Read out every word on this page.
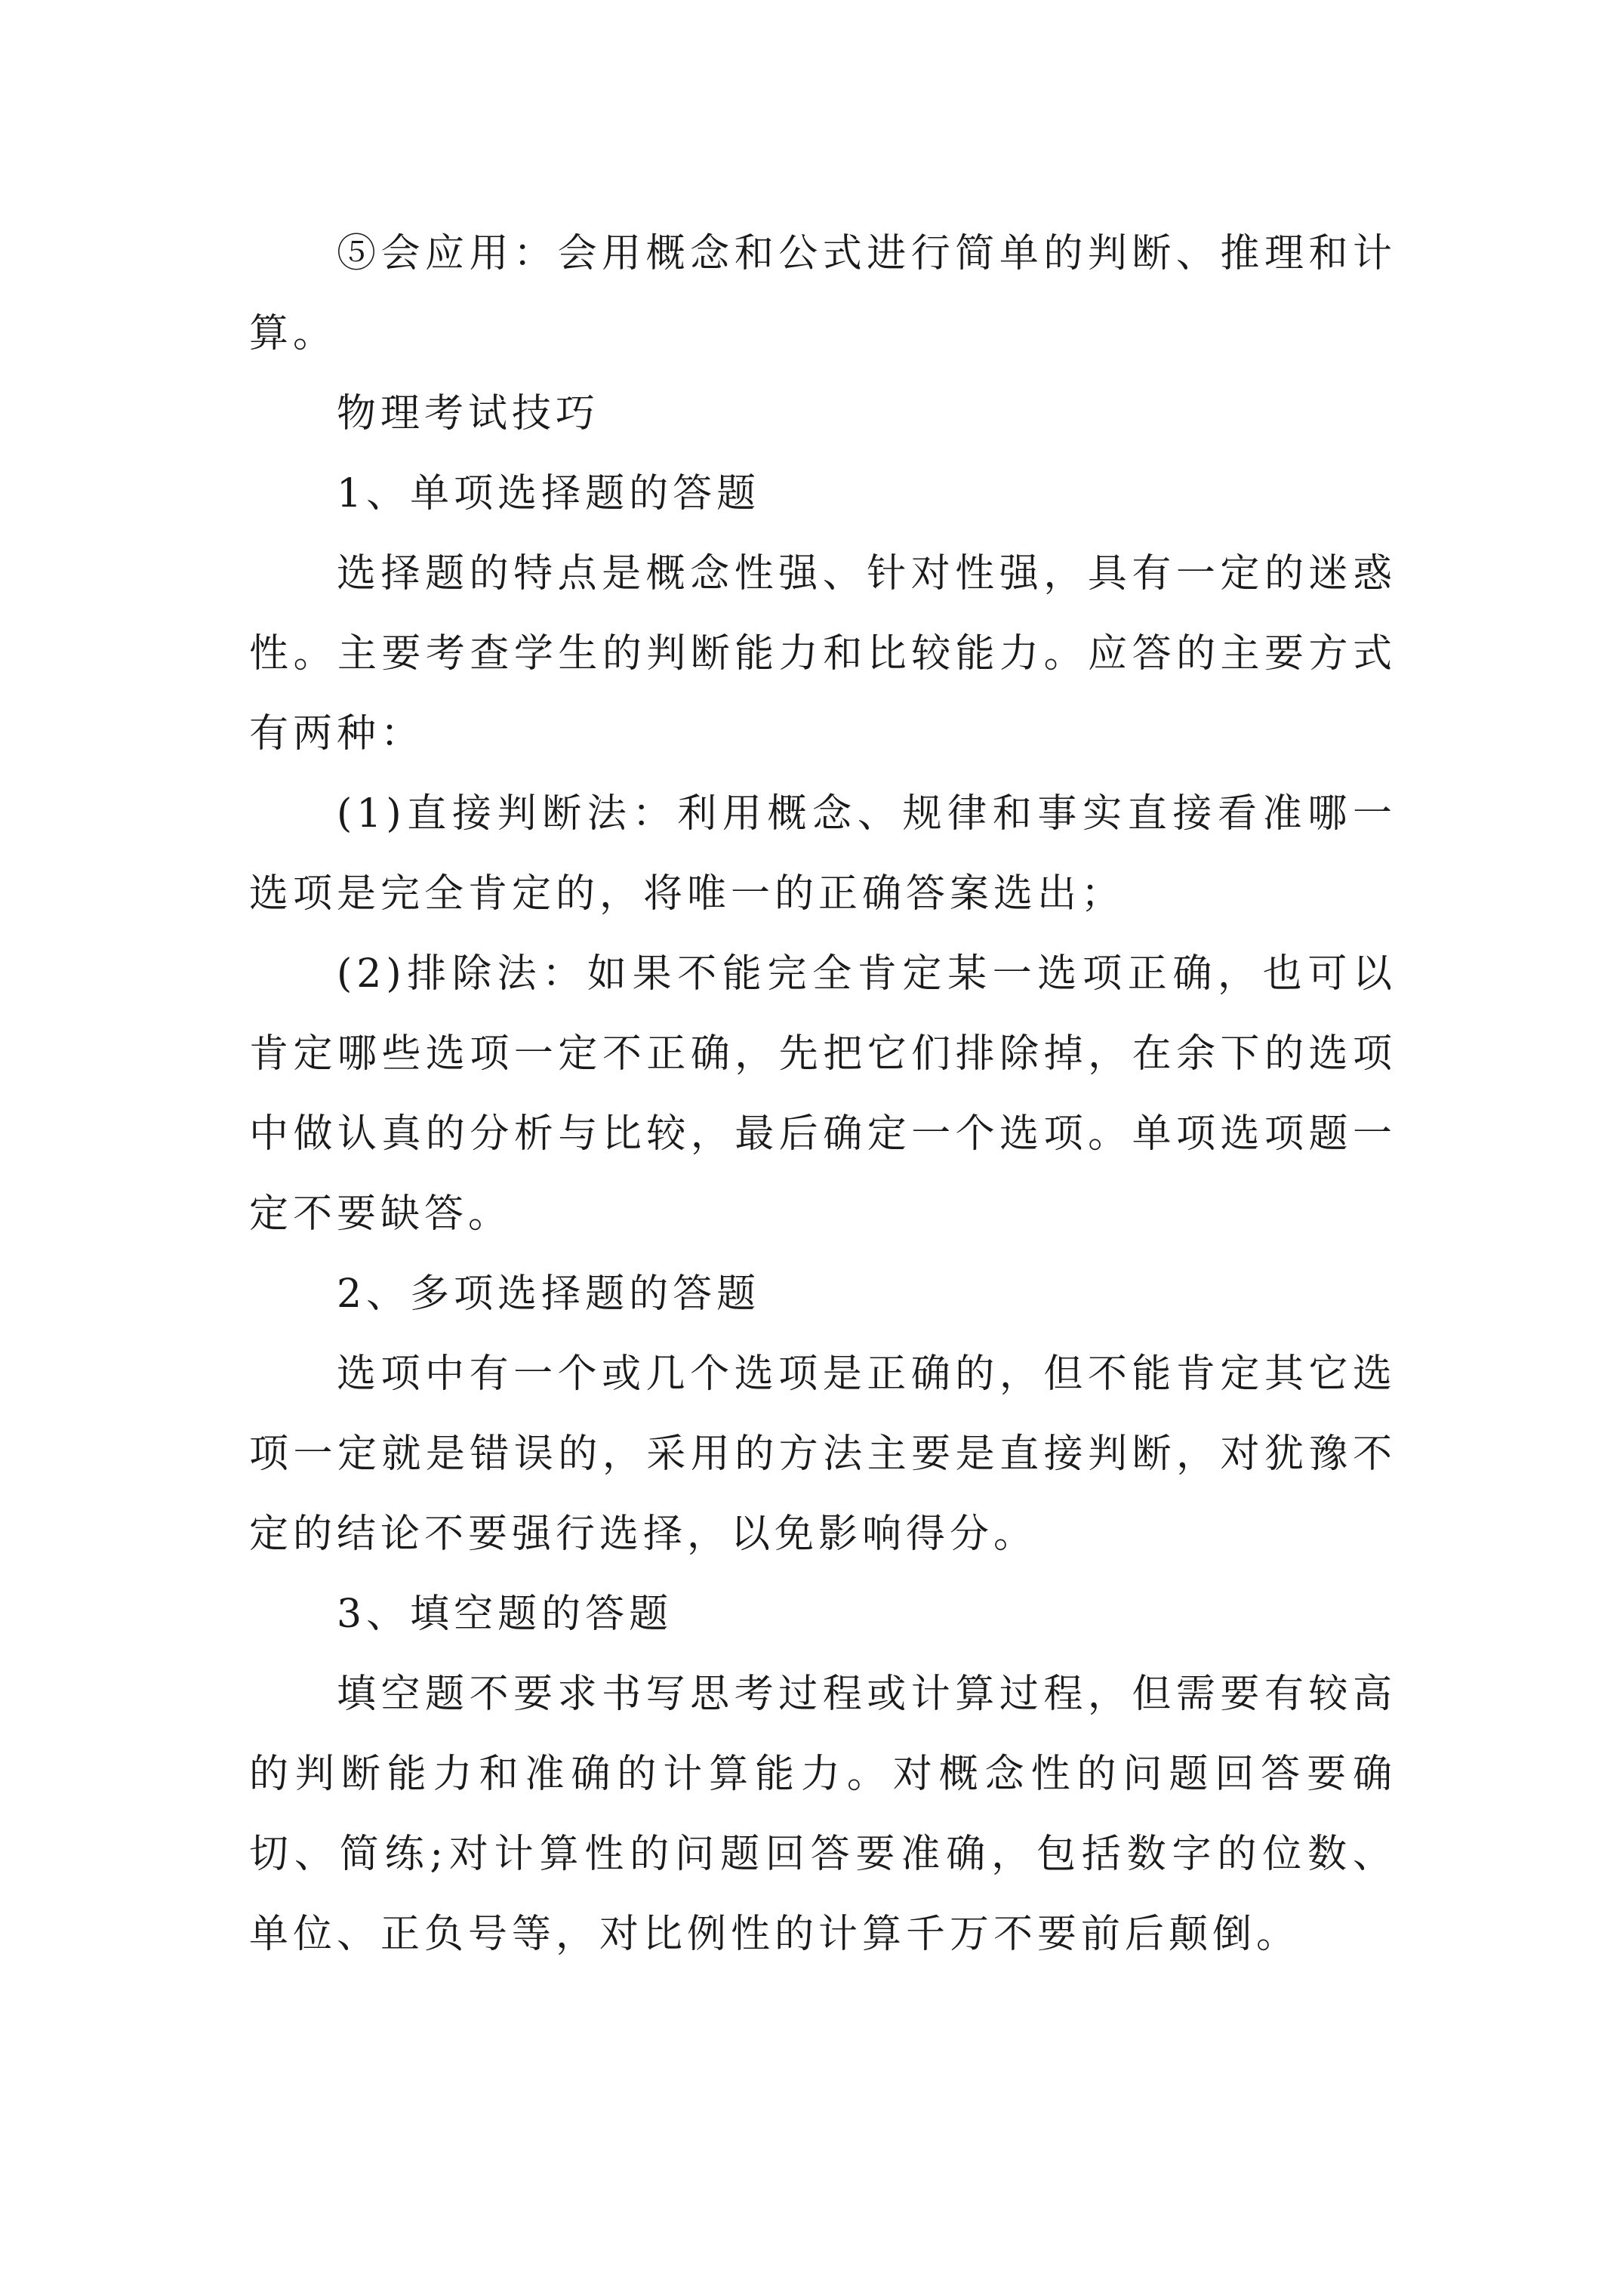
⑤会应用：会用概念和公式进行简单的判断、推理和计算。

物理考试技巧

1、单项选择题的答题

选择题的特点是概念性强、针对性强，具有一定的迷惑性。主要考查学生的判断能力和比较能力。应答的主要方式有两种：

(1)直接判断法：利用概念、规律和事实直接看准哪一选项是完全肯定的，将唯一的正确答案选出；

(2)排除法：如果不能完全肯定某一选项正确，也可以肯定哪些选项一定不正确，先把它们排除掉，在余下的选项中做认真的分析与比较，最后确定一个选项。单项选项题一定不要缺答。

2、多项选择题的答题

选项中有一个或几个选项是正确的，但不能肯定其它选项一定就是错误的，采用的方法主要是直接判断，对犹豫不定的结论不要强行选择，以免影响得分。

3、填空题的答题

填空题不要求书写思考过程或计算过程，但需要有较高的判断能力和准确的计算能力。对概念性的问题回答要确切、简练;对计算性的问题回答要准确，包括数字的位数、单位、正负号等，对比例性的计算千万不要前后颠倒。
